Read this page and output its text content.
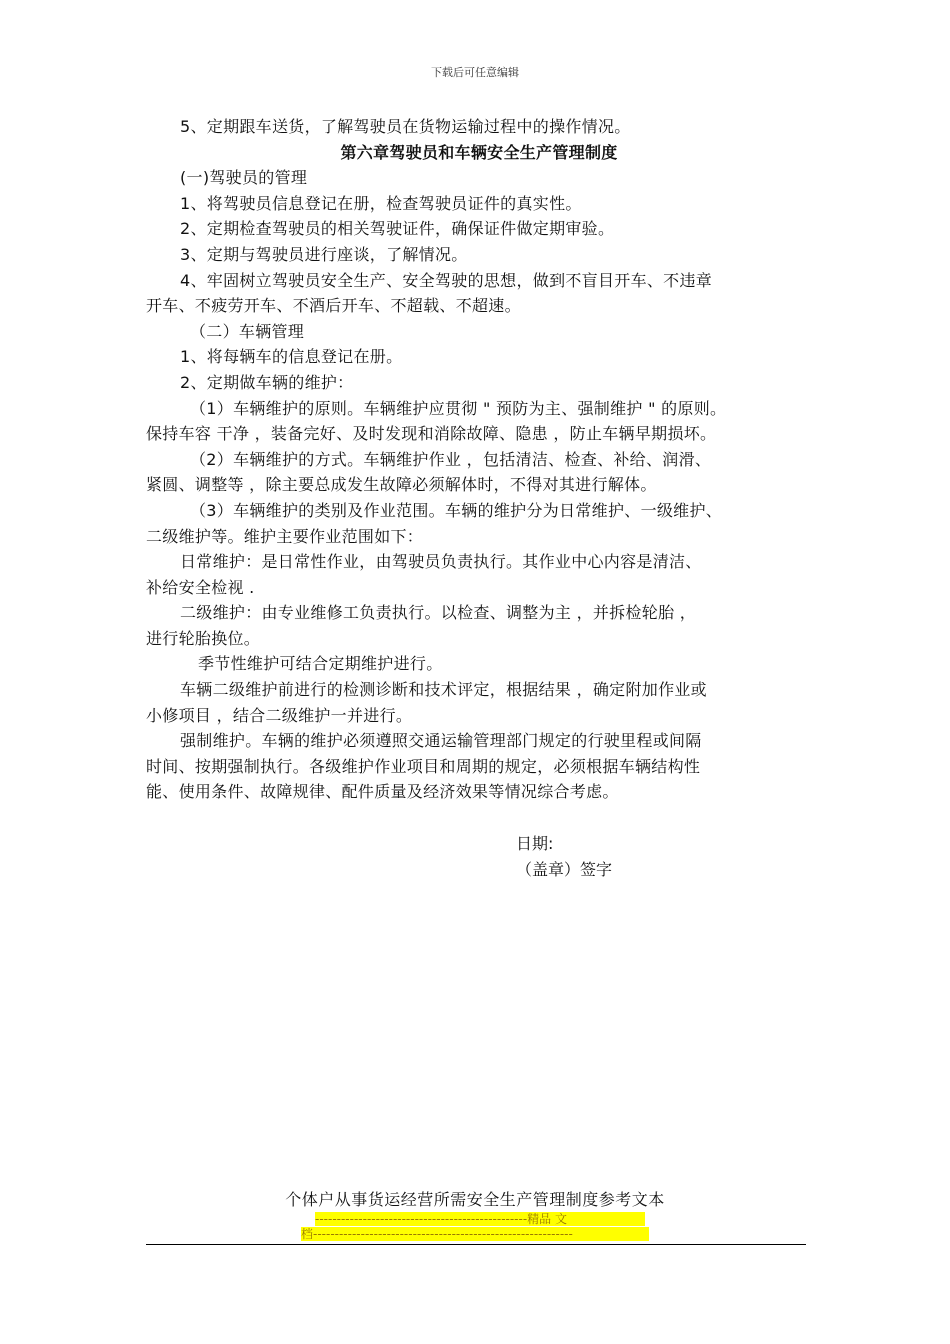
下载后可任意编辑
5、定期跟车送货，了解驾驶员在货物运输过程中的操作情况。
第六章驾驶员和车辆安全生产管理制度
(一)驾驶员的管理
1、将驾驶员信息登记在册，检查驾驶员证件的真实性。
2、定期检查驾驶员的相关驾驶证件，确保证件做定期审验。
3、定期与驾驶员进行座谈，了解情况。
4、牢固树立驾驶员安全生产、安全驾驶的思想，做到不盲目开车、不违章
开车、不疲劳开车、不酒后开车、不超载、不超速。
（二）车辆管理
1、将每辆车的信息登记在册。
2、定期做车辆的维护：
（1）车辆维护的原则。车辆维护应贯彻 " 预防为主、强制维护 " 的原则。
保持车容 干净 ，装备完好、及时发现和消除故障、隐患 ，防止车辆早期损坏。
（2）车辆维护的方式。车辆维护作业 ，包括清洁、检查、补给、润滑、
紧圆、调整等 ，除主要总成发生故障必须解体时，不得对其进行解体。
（3）车辆维护的类别及作业范围。车辆的维护分为日常维护、一级维护、
二级维护等。维护主要作业范围如下：
日常维护：是日常性作业，由驾驶员负责执行。其作业中心内容是清洁、
补给安全检视 .
二级维护：由专业维修工负责执行。以检查、调整为主 ，并拆检轮胎 ，
进行轮胎换位。
季节性维护可结合定期维护进行。
车辆二级维护前进行的检测诊断和技术评定，根据结果 ，确定附加作业或
小修项目 ，结合二级维护一并进行。
强制维护。车辆的维护必须遵照交通运输管理部门规定的行驶里程或间隔
时间、按期强制执行。各级维护作业项目和周期的规定，必须根据车辆结构性
能、使用条件、故障规律、配件质量及经济效果等情况综合考虑。
日期:
（盖章）签字
个体户从事货运经营所需安全生产管理制度参考文本
-------------------------------------------------精品 文
档------------------------------------------------------------
